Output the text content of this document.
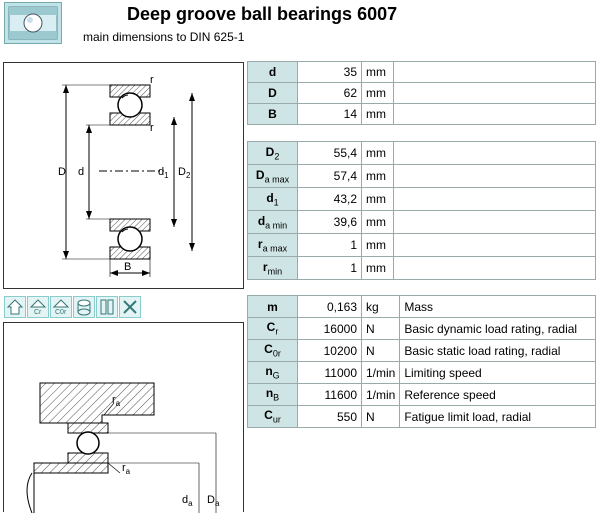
Deep groove ball bearings 6007
main dimensions to DIN 625-1
D d	$d_1$ $D_2$
r
r
B
Cr C0r
$r_a$
$r_a$
$d_a$ $D_a$
d	35	mm	
D	62	mm	
B	14	mm	
$D_2$	55,4	mm	
$D_{a max}$	57,4	mm	
$d_1$	43,2	mm	
$d_{a min}$	39,6	mm	
$r_{a max}$	1	mm	
$r_{min}$	1	mm	
m	0,163	kg	Mass
$C_r$	16000	N	Basic dynamic load rating, radial
$C_{0r}$	10200	N	Basic static load rating, radial
$n_G$	11000	1/min	Limiting speed
$n_B$	11600	1/min	Reference speed
$C_{ur}$	550	N	Fatigue limit load, radial
